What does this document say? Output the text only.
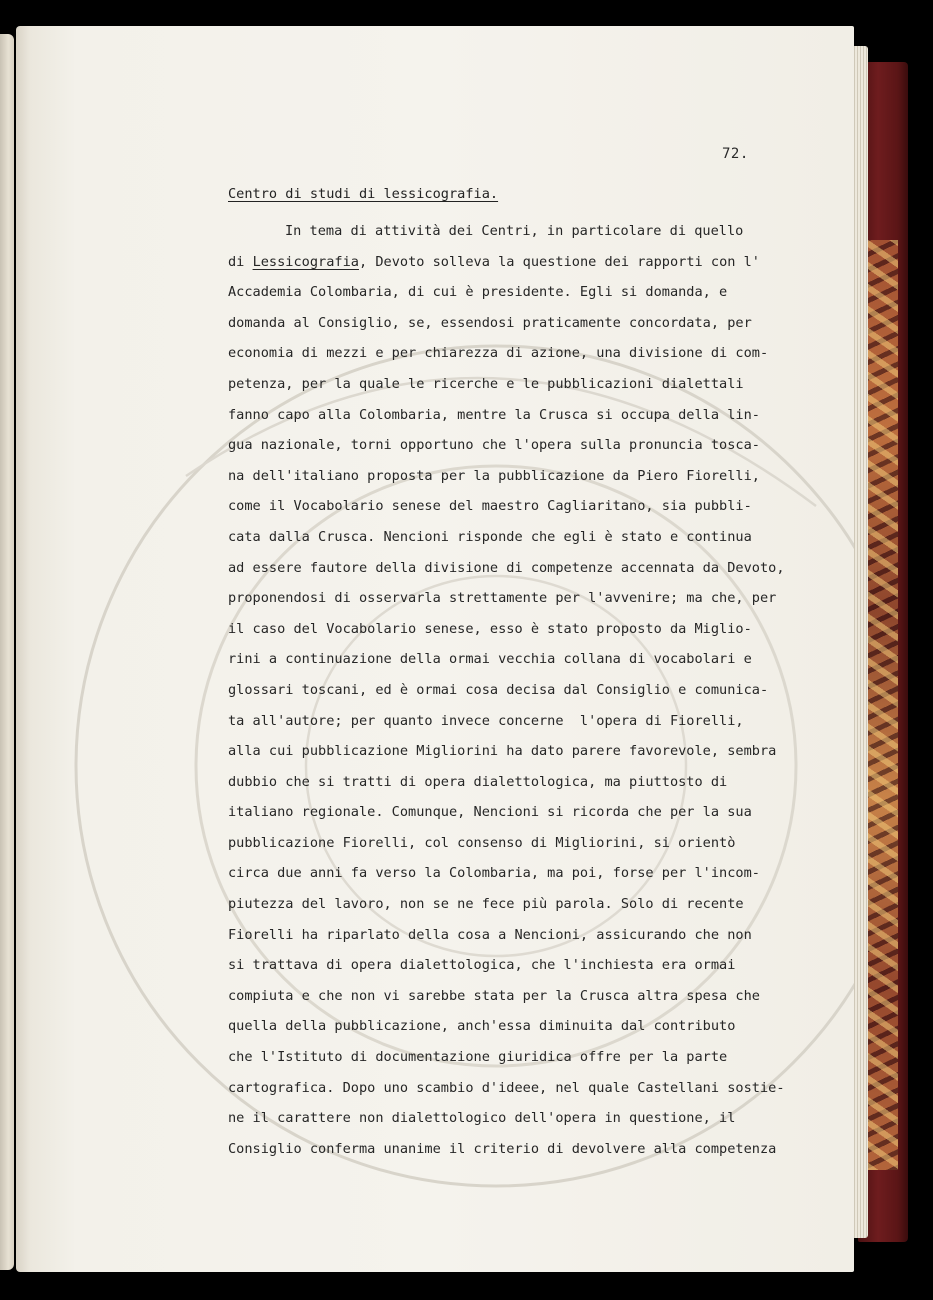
72.
Centro di studi di lessicografia.
In tema di attività dei Centri, in particolare di quello
di Lessicografia, Devoto solleva la questione dei rapporti con l'
Accademia Colombaria, di cui è presidente. Egli si domanda, e
domanda al Consiglio, se, essendosi praticamente concordata, per
economia di mezzi e per chiarezza di azione, una divisione di com-
petenza, per la quale le ricerche e le pubblicazioni dialettali
fanno capo alla Colombaria, mentre la Crusca si occupa della lin-
gua nazionale, torni opportuno che l'opera sulla pronuncia tosca-
na dell'italiano proposta per la pubblicazione da Piero Fiorelli,
come il Vocabolario senese del maestro Cagliaritano, sia pubbli-
cata dalla Crusca. Nencioni risponde che egli è stato e continua
ad essere fautore della divisione di competenze accennata da Devoto,
proponendosi di osservarla strettamente per l'avvenire; ma che, per
il caso del Vocabolario senese, esso è stato proposto da Miglio-
rini a continuazione della ormai vecchia collana di vocabolari e
glossari toscani, ed è ormai cosa decisa dal Consiglio e comunica-
ta all'autore; per quanto invece concerne  l'opera di Fiorelli,
alla cui pubblicazione Migliorini ha dato parere favorevole, sembra
dubbio che si tratti di opera dialettologica, ma piuttosto di
italiano regionale. Comunque, Nencioni si ricorda che per la sua
pubblicazione Fiorelli, col consenso di Migliorini, si orientò
circa due anni fa verso la Colombaria, ma poi, forse per l'incom-
piutezza del lavoro, non se ne fece più parola. Solo di recente
Fiorelli ha riparlato della cosa a Nencioni, assicurando che non
si trattava di opera dialettologica, che l'inchiesta era ormai
compiuta e che non vi sarebbe stata per la Crusca altra spesa che
quella della pubblicazione, anch'essa diminuita dal contributo
che l'Istituto di documentazione giuridica offre per la parte
cartografica. Dopo uno scambio d'ideee, nel quale Castellani sostie-
ne il carattere non dialettologico dell'opera in questione, il
Consiglio conferma unanime il criterio di devolvere alla competenza
